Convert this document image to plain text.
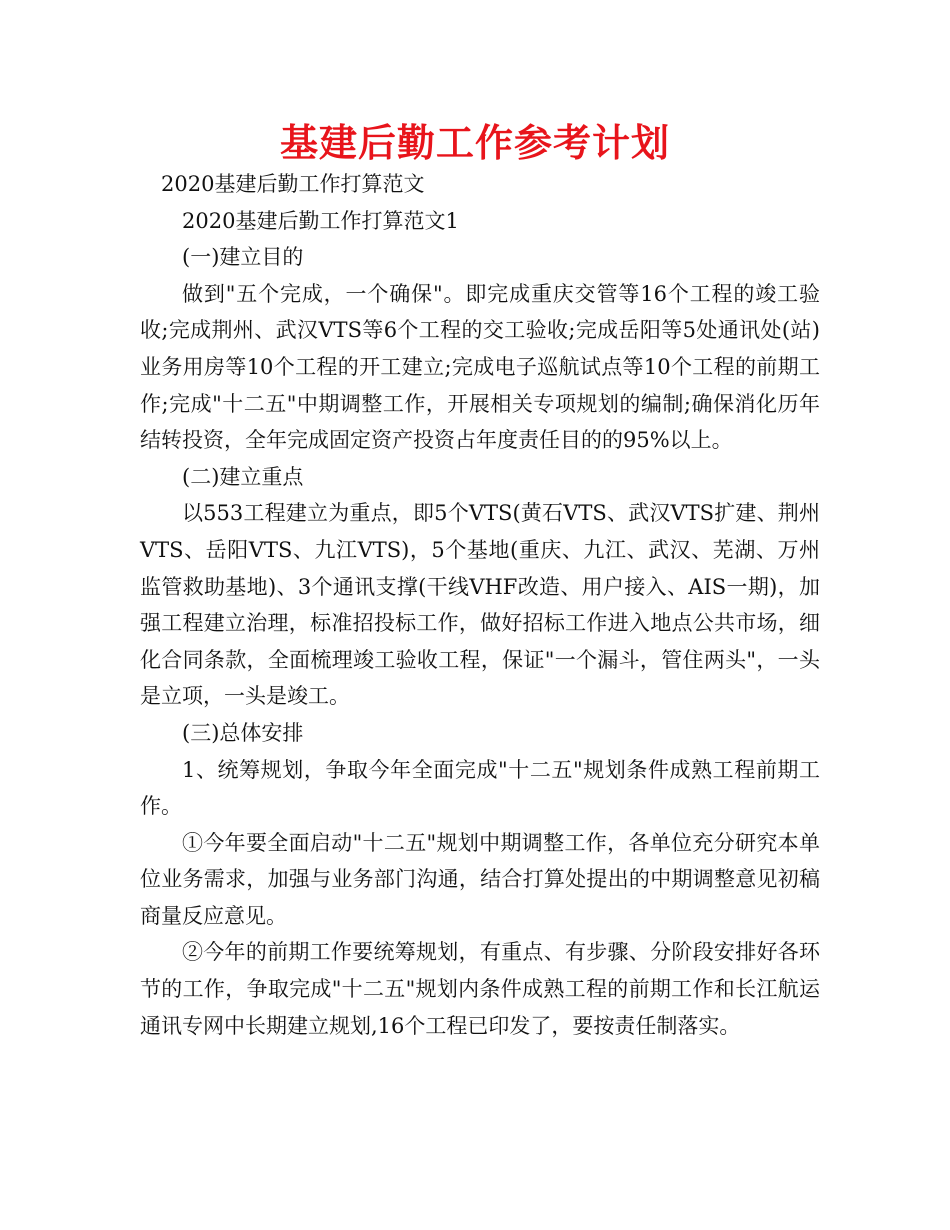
基建后勤工作参考计划

2020基建后勤工作打算范文

2020基建后勤工作打算范文1

(一)建立目的

做到"五个完成，一个确保"。即完成重庆交管等16个工程的竣工验收;完成荆州、武汉VTS等6个工程的交工验收;完成岳阳等5处通讯处(站)业务用房等10个工程的开工建立;完成电子巡航试点等10个工程的前期工作;完成"十二五"中期调整工作，开展相关专项规划的编制;确保消化历年结转投资，全年完成固定资产投资占年度责任目的的95%以上。

(二)建立重点

以553工程建立为重点，即5个VTS(黄石VTS、武汉VTS扩建、荆州VTS、岳阳VTS、九江VTS)，5个基地(重庆、九江、武汉、芜湖、万州监管救助基地)、3个通讯支撑(干线VHF改造、用户接入、AIS一期)，加强工程建立治理，标准招投标工作，做好招标工作进入地点公共市场，细化合同条款，全面梳理竣工验收工程，保证"一个漏斗，管住两头"，一头是立项，一头是竣工。

(三)总体安排

1、统筹规划，争取今年全面完成"十二五"规划条件成熟工程前期工作。

①今年要全面启动"十二五"规划中期调整工作，各单位充分研究本单位业务需求，加强与业务部门沟通，结合打算处提出的中期调整意见初稿商量反应意见。

②今年的前期工作要统筹规划，有重点、有步骤、分阶段安排好各环节的工作，争取完成"十二五"规划内条件成熟工程的前期工作和长江航运通讯专网中长期建立规划,16个工程已印发了，要按责任制落实。
